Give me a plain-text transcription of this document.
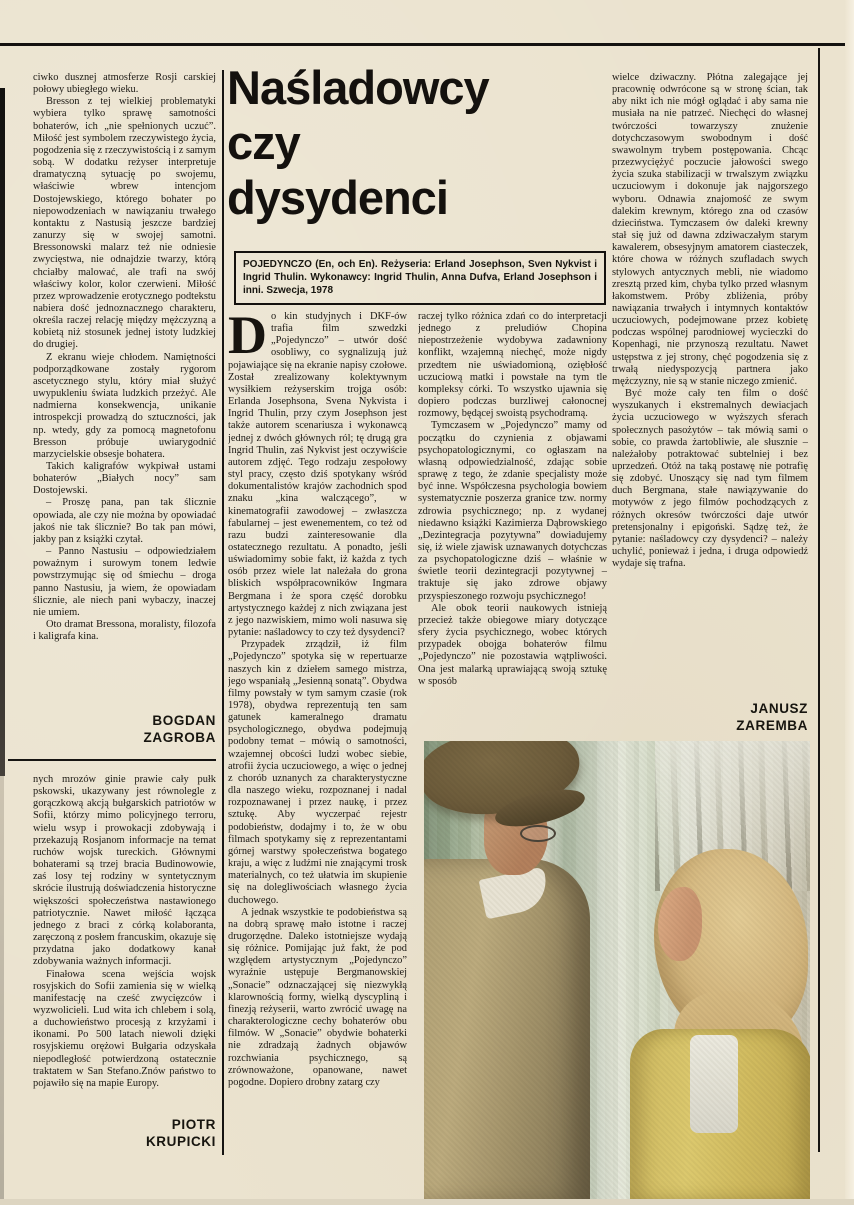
ciwko dusznej atmosferze Rosji carskiej połowy ubiegłego wieku.

Bresson z tej wielkiej problematyki wybiera tylko sprawę samotności bohaterów, ich „nie spełnionych uczuć”. Miłość jest symbolem rzeczywistego życia, pogodzenia się z rzeczywistością i z samym sobą. W dodatku reżyser interpretuje dramatyczną sytuację po swojemu, właściwie wbrew intencjom Dostojewskiego, którego bohater po niepowodzeniach w nawiązaniu trwałego kontaktu z Nastusią jeszcze bardziej zanurzy się w swojej samotni. Bressonowski malarz też nie odniesie zwycięstwa, nie odnajdzie twarzy, którą chciałby malować, ale trafi na swój właściwy kolor, kolor czerwieni. Miłość przez wprowadzenie erotycznego podtekstu nabiera dość jednoznacznego charakteru, określa raczej relację między mężczyzną a kobietą niż stosunek jednej istoty ludzkiej do drugiej.

Z ekranu wieje chłodem. Namiętności podporządkowane zostały rygorom ascetycznego stylu, który miał służyć uwypukleniu świata ludzkich przeżyć. Ale nadmierna konsekwencja, unikanie introspekcji prowadzą do sztuczności, jak np. wtedy, gdy za pomocą magnetofonu Bresson próbuje uwiarygodnić marzycielskie obsesje bohatera.

Takich kaligrafów wykpiwał ustami bohaterów „Białych nocy” sam Dostojewski.

– Proszę pana, pan tak ślicznie opowiada, ale czy nie można by opowiadać jakoś nie tak ślicznie? Bo tak pan mówi, jakby pan z książki czytał.

– Panno Nastusiu – odpowiedziałem poważnym i surowym tonem ledwie powstrzymując się od śmiechu – droga panno Nastusiu, ja wiem, że opowiadam ślicznie, ale niech pani wybaczy, inaczej nie umiem.

Oto dramat Bressona, moralisty, filozofa i kaligrafa kina.

BOGDAN
ZAGROBA

nych mrozów ginie prawie cały pułk pskowski, ukazywany jest równolegle z gorączkową akcją bułgarskich patriotów w Sofii, którzy mimo policyjnego terroru, wielu wsyp i prowokacji zdobywają i przekazują Rosjanom informacje na temat ruchów wojsk tureckich. Głównymi bohaterami są trzej bracia Budinowowie, zaś losy tej rodziny w syntetycznym skrócie ilustrują doświadczenia historyczne większości społeczeństwa nastawionego patriotycznie. Nawet miłość łącząca jednego z braci z córką kolaboranta, zaręczoną z posłem francuskim, okazuje się przydatna jako dodatkowy kanał zdobywania ważnych informacji.

Finałowa scena wejścia wojsk rosyjskich do Sofii zamienia się w wielką manifestację na cześć zwycięzców i wyzwolicieli. Lud wita ich chlebem i solą, a duchowieństwo procesją z krzyżami i ikonami. Po 500 latach niewoli dzięki rosyjskiemu orężowi Bułgaria odzyskała niepodległość potwierdzoną ostatecznie traktatem w San Stefano.Znów państwo to pojawiło się na mapie Europy.

PIOTR
KRUPICKI
Naśladowcy
czy
dysydenci

POJEDYNCZO (En, och En). Reżyseria: Erland Josephson, Sven Nykvist i Ingrid Thulin. Wykonawcy: Ingrid Thulin, Anna Dufva, Erland Josephson i inni. Szwecja, 1978

Do kin studyjnych i DKF-ów trafia film szwedzki „Pojedynczo” – utwór dość osobliwy, co sygnalizują już pojawiające się na ekranie napisy czołowe. Został zrealizowany kolektywnym wysiłkiem reżyserskim trojga osób: Erlanda Josephsona, Svena Nykvista i Ingrid Thulin, przy czym Josephson jest także autorem scenariusza i wykonawcą jednej z dwóch głównych ról; tę drugą gra Ingrid Thulin, zaś Nykvist jest oczywiście autorem zdjęć. Tego rodzaju zespołowy styl pracy, często dziś spotykany wśród dokumentalistów krajów zachodnich spod znaku „kina walczącego”, w kinematografii zawodowej – zwłaszcza fabularnej – jest ewenementem, co też od razu budzi zainteresowanie dla ostatecznego rezultatu. A ponadto, jeśli uświadomimy sobie fakt, iż każda z tych osób przez wiele lat należała do grona bliskich współpracowników Ingmara Bergmana i że spora część dorobku artystycznego każdej z nich związana jest z jego nazwiskiem, mimo woli nasuwa się pytanie: naśladowcy to czy też dysydenci?

Przypadek zrządził, iż film „Pojedynczo” spotyka się w repertuarze naszych kin z dziełem samego mistrza, jego wspaniałą „Jesienną sonatą”. Obydwa filmy powstały w tym samym czasie (rok 1978), obydwa reprezentują ten sam gatunek kameralnego dramatu psychologicznego, obydwa podejmują podobny temat – mówią o samotności, wzajemnej obcości ludzi wobec siebie, atrofii życia uczuciowego, a więc o jednej z chorób uznanych za charakterystyczne dla naszego wieku, rozpoznanej i nadal rozpoznawanej i przez naukę, i przez sztukę. Aby wyczerpać rejestr podobieństw, dodajmy i to, że w obu filmach spotykamy się z reprezentantami górnej warstwy społeczeństwa bogatego kraju, a więc z ludźmi nie znającymi trosk materialnych, co też ułatwia im skupienie się na dolegliwościach własnego życia duchowego.

A jednak wszystkie te podobieństwa są na dobrą sprawę mało istotne i raczej drugorzędne. Daleko istotniejsze wydają się różnice. Pomijając już fakt, że pod względem artystycznym „Pojedynczo” wyraźnie ustępuje Bergmanowskiej „Sonacie” odznaczającej się niezwykłą klarownością formy, wielką dyscypliną i finezją reżyserii, warto zwrócić uwagę na charakterologiczne cechy bohaterów obu filmów. W „Sonacie” obydwie bohaterki nie zdradzają żadnych objawów rozchwiania psychicznego, są zrównoważone, opanowane, nawet pogodne. Dopiero drobny zatarg czy

raczej tylko różnica zdań co do interpretacji jednego z preludiów Chopina niepostrzeżenie wydobywa zadawniony konflikt, wzajemną niechęć, może nigdy przedtem nie uświadomioną, oziębłość uczuciową matki i powstałe na tym tle kompleksy córki. To wszystko ujawnia się dopiero podczas burzliwej całonocnej rozmowy, będącej swoistą psychodramą.

Tymczasem w „Pojedynczo” mamy od początku do czynienia z objawami psychopatologicznymi, co ogłaszam na własną odpowiedzialność, zdając sobie sprawę z tego, że zdanie specjalisty może być inne. Współczesna psychologia bowiem systematycznie poszerza granice tzw. normy zdrowia psychicznego; np. z wydanej niedawno książki Kazimierza Dąbrowskiego „Dezintegracja pozytywna” dowiadujemy się, iż wiele zjawisk uznawanych dotychczas za psychopatologiczne dziś – właśnie w świetle teorii dezintegracji pozytywnej – traktuje się jako zdrowe objawy przyspieszonego rozwoju psychicznego!

Ale obok teorii naukowych istnieją przecież także obiegowe miary dotyczące sfery życia psychicznego, wobec których przypadek obojga bohaterów filmu „Pojedynczo” nie pozostawia wątpliwości. Ona jest malarką uprawiającą swoją sztukę w sposób

wielce dziwaczny. Płótna zalegające jej pracownię odwrócone są w stronę ścian, tak aby nikt ich nie mógł oglądać i aby sama nie musiała na nie patrzeć. Niechęci do własnej twórczości towarzyszy znużenie dotychczasowym swobodnym i dość swawolnym trybem postępowania. Chcąc przezwyciężyć poczucie jałowości swego życia szuka stabilizacji w trwalszym związku uczuciowym i dokonuje jak najgorszego wyboru. Odnawia znajomość ze swym dalekim krewnym, którego zna od czasów dzieciństwa. Tymczasem ów daleki krewny stał się już od dawna zdziwaczałym starym kawalerem, obsesyjnym amatorem ciasteczek, które chowa w różnych szufladach swych stylowych antycznych mebli, nie wiadomo zresztą przed kim, chyba tylko przed własnym łakomstwem. Próby zbliżenia, próby nawiązania trwałych i intymnych kontaktów uczuciowych, podejmowane przez kobietę podczas wspólnej parodniowej wycieczki do Kopenhagi, nie przynoszą rezultatu. Nawet ustępstwa z jej strony, chęć pogodzenia się z trwałą niedyspozycją partnera jako mężczyzny, nie są w stanie niczego zmienić.

Być może cały ten film o dość wyszukanych i ekstremalnych dewiacjach życia uczuciowego w wyższych sferach społecznych pasożytów – tak mówią sami o sobie, co prawda żartobliwie, ale słusznie – należałoby potraktować subtelniej i bez uprzedzeń. Otóż na taką postawę nie potrafię się zdobyć. Unoszący się nad tym filmem duch Bergmana, stałe nawiązywanie do motywów z jego filmów pochodzących z różnych okresów twórczości daje utwór pretensjonalny i epigoński. Sądzę też, że pytanie: naśladowcy czy dysydenci? – należy uchylić, ponieważ i jedna, i druga odpowiedź wydaje się trafna.

JANUSZ
ZAREMBA
